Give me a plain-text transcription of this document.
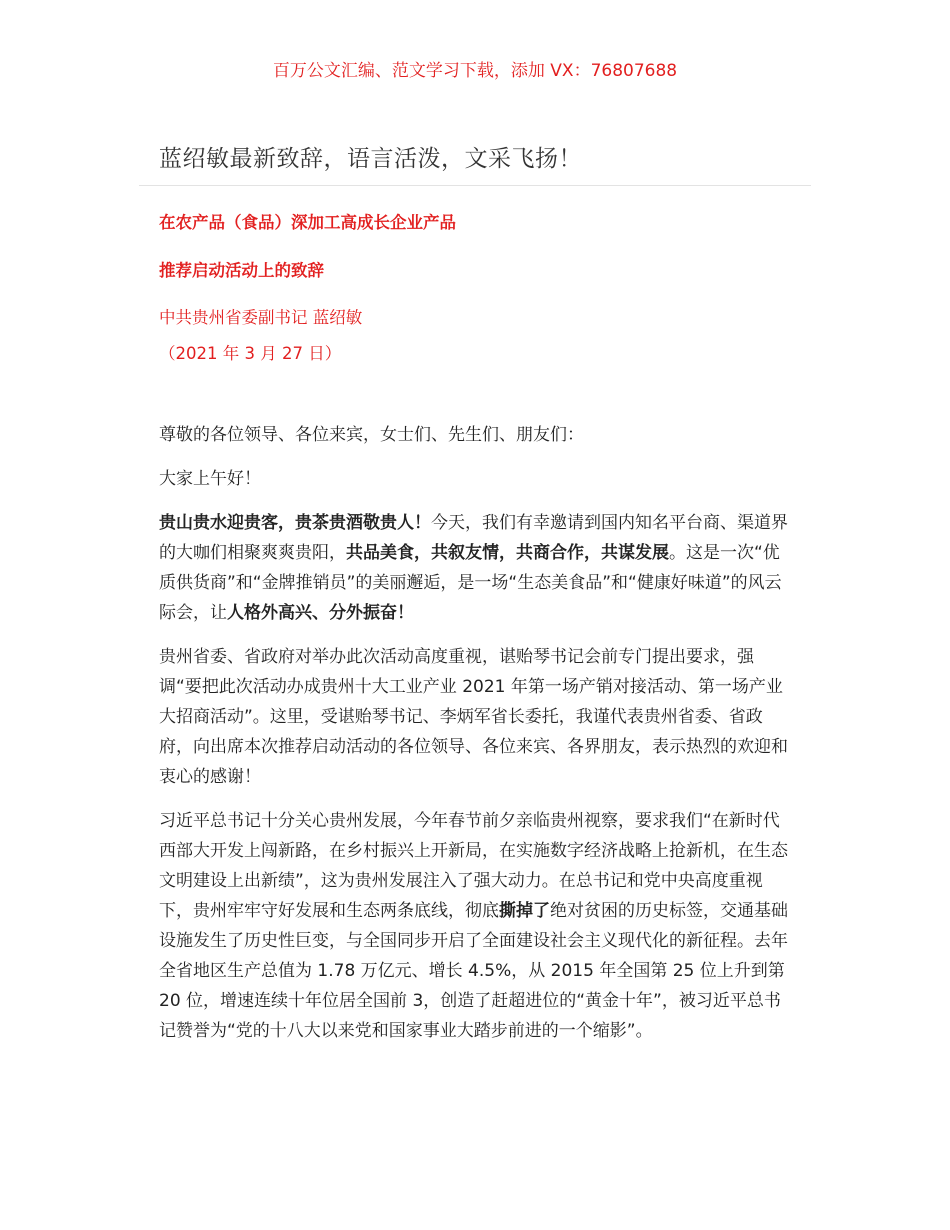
百万公文汇编、范文学习下载，添加 VX：76807688
蓝绍敏最新致辞，语言活泼，文采飞扬！
在农产品（食品）深加工高成长企业产品
推荐启动活动上的致辞
中共贵州省委副书记 蓝绍敏
（2021 年 3 月 27 日）

尊敬的各位领导、各位来宾，女士们、先生们、朋友们：

大家上午好！

贵山贵水迎贵客，贵茶贵酒敬贵人！今天，我们有幸邀请到国内知名平台商、渠道界的大咖们相聚爽爽贵阳，共品美食，共叙友情，共商合作，共谋发展。这是一次“优质供货商”和“金牌推销员”的美丽邂逅，是一场“生态美食品”和“健康好味道”的风云际会，让人格外高兴、分外振奋！

贵州省委、省政府对举办此次活动高度重视，谌贻琴书记会前专门提出要求，强调“要把此次活动办成贵州十大工业产业 2021 年第一场产销对接活动、第一场产业大招商活动”。这里，受谌贻琴书记、李炳军省长委托，我谨代表贵州省委、省政府，向出席本次推荐启动活动的各位领导、各位来宾、各界朋友，表示热烈的欢迎和衷心的感谢！

习近平总书记十分关心贵州发展，今年春节前夕亲临贵州视察，要求我们“在新时代西部大开发上闯新路，在乡村振兴上开新局，在实施数字经济战略上抢新机，在生态文明建设上出新绩”，这为贵州发展注入了强大动力。在总书记和党中央高度重视下，贵州牢牢守好发展和生态两条底线，彻底撕掉了绝对贫困的历史标签，交通基础设施发生了历史性巨变，与全国同步开启了全面建设社会主义现代化的新征程。去年全省地区生产总值为 1.78 万亿元、增长 4.5%，从 2015 年全国第 25 位上升到第 20 位，增速连续十年位居全国前 3，创造了赶超进位的“黄金十年”，被习近平总书记赞誉为“党的十八大以来党和国家事业大踏步前进的一个缩影”。
